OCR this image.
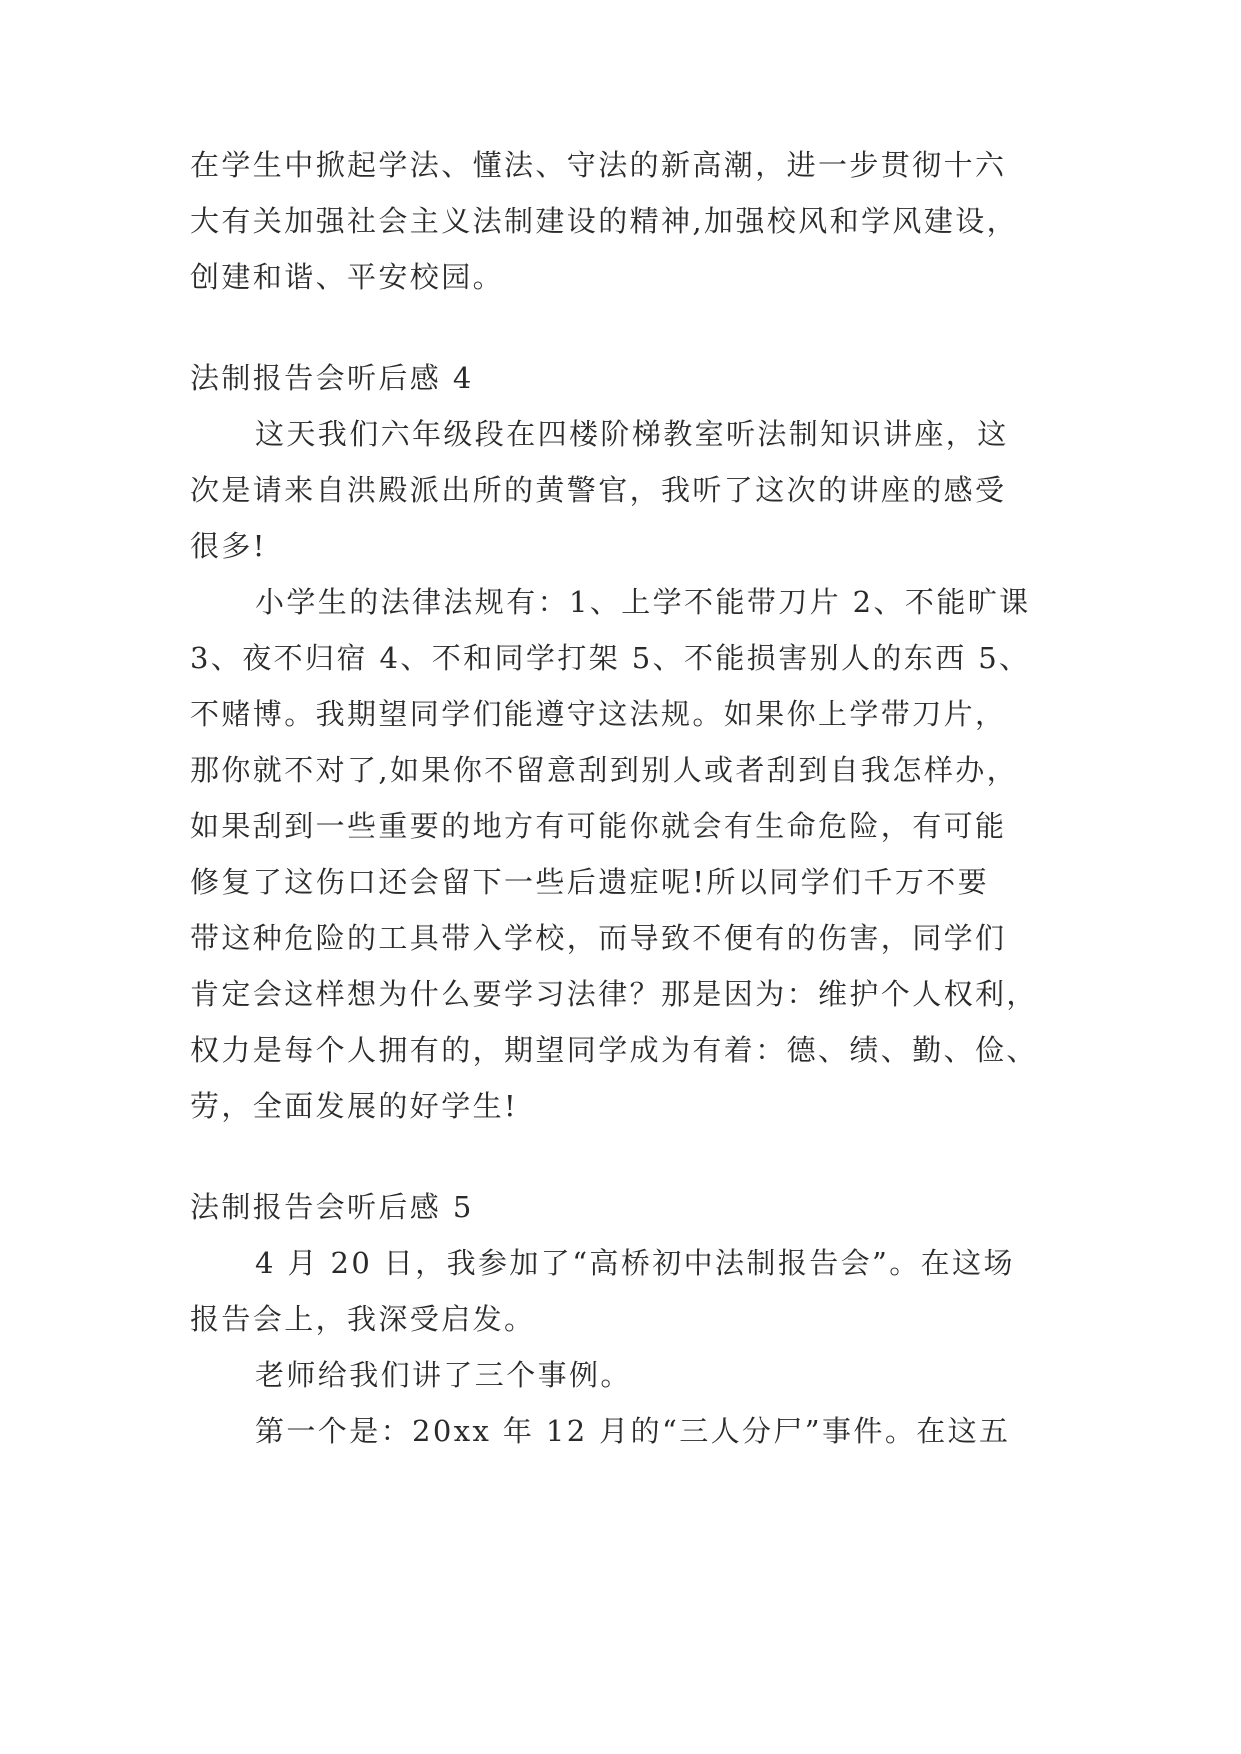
在学生中掀起学法、懂法、守法的新高潮，进一步贯彻十六
大有关加强社会主义法制建设的精神,加强校风和学风建设，
创建和谐、平安校园。
法制报告会听后感 4
这天我们六年级段在四楼阶梯教室听法制知识讲座，这
次是请来自洪殿派出所的黄警官，我听了这次的讲座的感受
很多!
小学生的法律法规有：1、上学不能带刀片 2、不能旷课
3、夜不归宿 4、不和同学打架 5、不能损害别人的东西 5、
不赌博。我期望同学们能遵守这法规。如果你上学带刀片，
那你就不对了,如果你不留意刮到别人或者刮到自我怎样办，
如果刮到一些重要的地方有可能你就会有生命危险，有可能
修复了这伤口还会留下一些后遗症呢!所以同学们千万不要
带这种危险的工具带入学校，而导致不便有的伤害，同学们
肯定会这样想为什么要学习法律？那是因为：维护个人权利，
权力是每个人拥有的，期望同学成为有着：德、绩、勤、俭、
劳，全面发展的好学生!
法制报告会听后感 5
4 月 20 日，我参加了“高桥初中法制报告会”。在这场
报告会上，我深受启发。
老师给我们讲了三个事例。
第一个是：20xx 年 12 月的“三人分尸”事件。在这五
